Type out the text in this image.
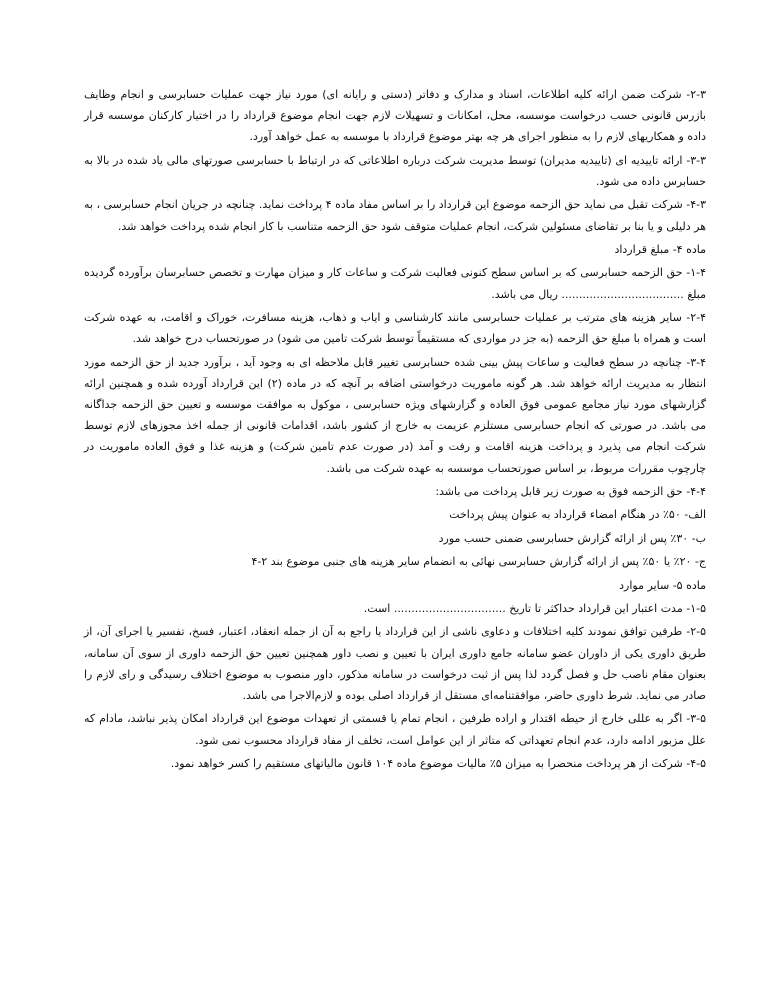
۲-۳- شرکت ضمن ارائه کلیه اطلاعات، اسناد و مدارک و دفاتر (دستی و رایانه ای) مورد نیاز جهت عملیات حسابرسی و انجام وظایف بازرس قانونی حسب درخواست موسسه، محل، امکانات و تسهیلات لازم جهت انجام موضوع قرارداد را در اختیار کارکنان موسسه قرار داده و همکاریهای لازم را به منظور اجرای هر چه بهتر موضوع قرارداد با موسسه به عمل خواهد آورد.

۳-۳- ارائه تاییدیه ای (تاییدیه مدیران) توسط مدیریت شرکت درباره اطلاعاتی که در ارتباط با حسابرسی صورتهای مالی یاد شده در بالا به حسابرس داده می شود.

۴-۳- شرکت تقبل می نماید حق الزحمه موضوع این قرارداد را بر اساس مفاد ماده ۴ پرداخت نماید. چنانچه در جریان انجام حسابرسی ، به هر دلیلی و یا بنا بر تقاضای مسئولین شرکت، انجام عملیات متوقف شود حق الزحمه متناسب با کار انجام شده پرداخت خواهد شد.

ماده ۴- مبلغ قرارداد

۱-۴- حق الزحمه حسابرسی که بر اساس سطح کنونی فعالیت شرکت و ساعات کار و میزان مهارت و تخصص حسابرسان برآورده گردیده مبلغ ................................... ریال می باشد.

۲-۴- سایر هزینه های مترتب بر عملیات حسابرسی مانند کارشناسی و ایاب و ذهاب، هزینه مسافرت، خوراک و اقامت، به عهده شرکت است و همراه با مبلغ حق الزحمه (به جز در مواردی که مستقیماً توسط شرکت تامین می شود) در صورتحساب درج خواهد شد.

۳-۴- چنانچه در سطح فعالیت و ساعات پیش بینی شده حسابرسی تغییر قابل ملاحظه ای به وجود آید ، برآورد جدید از حق الزحمه مورد انتظار به مدیریت ارائه خواهد شد. هر گونه ماموریت درخواستی اضافه بر آنچه که در ماده (۲) این قرارداد آورده شده و همچنین ارائه گزارشهای مورد نیاز مجامع عمومی فوق العاده و گزارشهای ویژه حسابرسی ، موکول به موافقت موسسه و تعیین حق الزحمه جداگانه می باشد. در صورتی که انجام حسابرسی مستلزم عزیمت به خارج از کشور باشد، اقدامات قانونی از جمله اخذ مجوزهای لازم توسط شرکت انجام می پذیرد و پرداخت هزینه اقامت و رفت و آمد (در صورت عدم تامین شرکت) و هزینه غذا و فوق العاده ماموریت در چارچوب مقررات مربوط، بر اساس صورتحساب موسسه به عهده شرکت می باشد.

۴-۴- حق الزحمه فوق به صورت زیر قابل پرداخت می باشد:

الف- ۵۰٪ در هنگام امضاء قرارداد به عنوان پیش پرداخت

ب- ۳۰٪ پس از ارائه گزارش حسابرسی ضمنی حسب مورد

ج- ۲۰٪ یا ۵۰٪ پس از ارائه گزارش حسابرسی نهائی به انضمام سایر هزینه های جنبی موضوع بند ۲-۴

ماده ۵- سایر موارد

۱-۵- مدت اعتبار این قرارداد حداکثر تا تاریخ ................................ است.

۲-۵- طرفین توافق نمودند کلیه اختلافات و دعاوی ناشی از این قرارداد یا راجع به آن از جمله انعقاد، اعتبار، فسخ، تفسیر یا اجرای آن، از طریق داوری یکی از داوران عضو سامانه جامع داوری ایران با تعیین و نصب داور همچنین تعیین حق الزحمه داوری از سوی آن سامانه، بعنوان مقام ناصب حل و فصل گردد لذا پس از ثبت درخواست در سامانه مذکور، داور منصوب به موضوع اختلاف رسیدگی و رای لازم را صادر می نماید. شرط داوری حاضر، موافقتنامه‌ای مستقل از قرارداد اصلی بوده و لازم‌الاجرا می باشد.

۳-۵- اگر به عللی خارج از حیطه اقتدار و اراده طرفین ، انجام تمام یا قسمتی از تعهدات موضوع این قرارداد امکان پذیر نباشد، مادام که علل مزبور ادامه دارد، عدم انجام تعهداتی که متاثر از این عوامل است، تخلف از مفاد قرارداد محسوب نمی شود.

۴-۵- شرکت از هر پرداخت منحصرا به میزان ۵٪ مالیات موضوع ماده ۱۰۴ قانون مالیاتهای مستقیم را کسر خواهد نمود.
